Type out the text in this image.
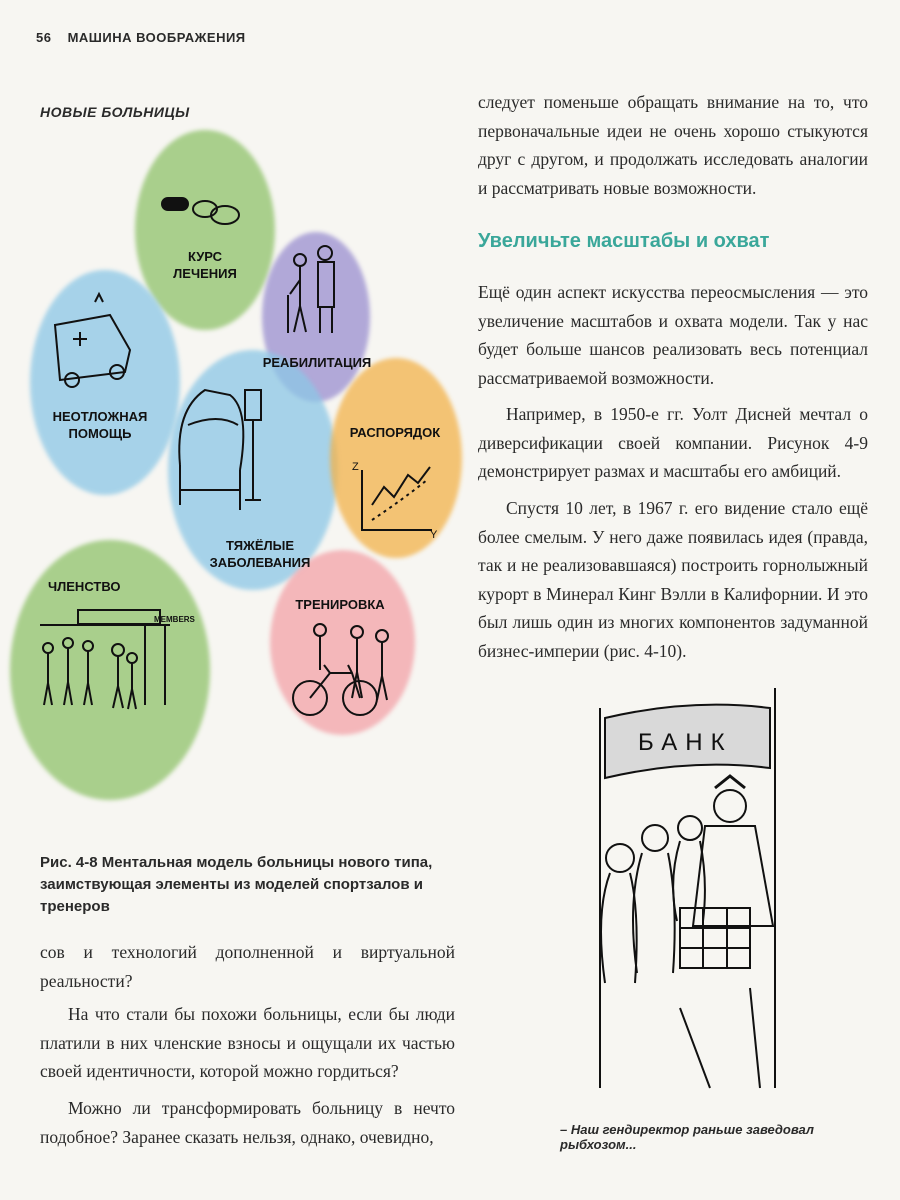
56 МАШИНА ВООБРАЖЕНИЯ
НОВЫЕ БОЛЬНИЦЫ
MEMBERS
Z
Y
КУРС
ЛЕЧЕНИЯ
НЕОТЛОЖНАЯ
ПОМОЩЬ
РЕАБИЛИТАЦИЯ
РАСПОРЯДОК
ТЯЖЁЛЫЕ
ЗАБОЛЕВАНИЯ
ЧЛЕНСТВО
ТРЕНИРОВКА
Рис. 4-8 Ментальная модель больницы нового типа,
заимствующая элементы из моделей спортзалов и тренеров
сов и технологий дополненной и виртуальной реальности?
На что стали бы похожи больницы, если бы люди платили в них членские взносы и ощущали их частью своей идентичности, которой можно гордиться?
Можно ли трансформировать больницу в нечто подобное? Заранее сказать нельзя, однако, очевидно,
следует поменьше обращать внимание на то, что первоначальные идеи не очень хорошо стыкуются друг с другом, и продолжать исследовать аналогии и рассматривать новые возможности.
Увеличьте масштабы и охват
Ещё один аспект искусства переосмысления — это увеличение масштабов и охвата модели. Так у нас будет больше шансов реализовать весь потенциал рассматриваемой возможности.
Например, в 1950-е гг. Уолт Дисней мечтал о диверсификации своей компании. Рисунок 4-9 демонстрирует размах и масштабы его амбиций.
Спустя 10 лет, в 1967 г. его видение стало ещё более смелым. У него даже появилась идея (правда, так и не реализовавшаяся) построить горнолыжный курорт в Минерал Кинг Вэлли в Калифорнии. И это был лишь один из многих компонентов задуманной бизнес-империи (рис. 4-10).
БАНК
– Наш гендиректор раньше заведовал рыбхозом...
